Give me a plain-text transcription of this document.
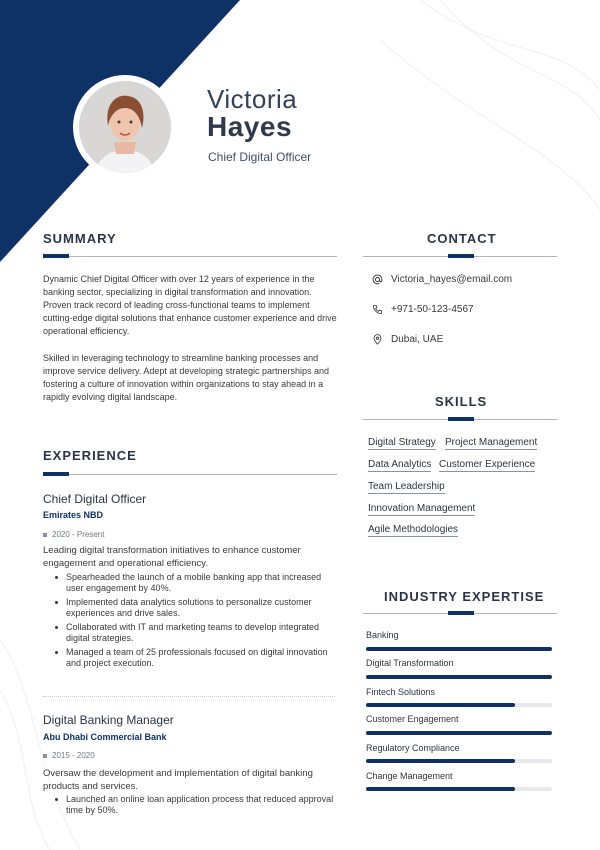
Victoria
Hayes
Chief Digital Officer
SUMMARY
Dynamic Chief Digital Officer with over 12 years of experience in the banking sector, specializing in digital transformation and innovation. Proven track record of leading cross-functional teams to implement cutting-edge digital solutions that enhance customer experience and drive operational efficiency.
Skilled in leveraging technology to streamline banking processes and improve service delivery. Adept at developing strategic partnerships and fostering a culture of innovation within organizations to stay ahead in a rapidly evolving digital landscape.
EXPERIENCE
Chief Digital Officer
Emirates NBD
2020 - Present
Leading digital transformation initiatives to enhance customer engagement and operational efficiency.
Spearheaded the launch of a mobile banking app that increased user engagement by 40%.
Implemented data analytics solutions to personalize customer experiences and drive sales.
Collaborated with IT and marketing teams to develop integrated digital strategies.
Managed a team of 25 professionals focused on digital innovation and project execution.
Digital Banking Manager
Abu Dhabi Commercial Bank
2015 - 2020
Oversaw the development and implementation of digital banking products and services.
Launched an online loan application process that reduced approval time by 50%.
CONTACT
Victoria_hayes@email.com
+971-50-123-4567
Dubai, UAE
SKILLS
Digital Strategy Project Management
Data Analytics Customer Experience
Team Leadership
Innovation Management
Agile Methodologies
INDUSTRY EXPERTISE
Banking
Digital Transformation
Fintech Solutions
Customer Engagement
Regulatory Compliance
Change Management
